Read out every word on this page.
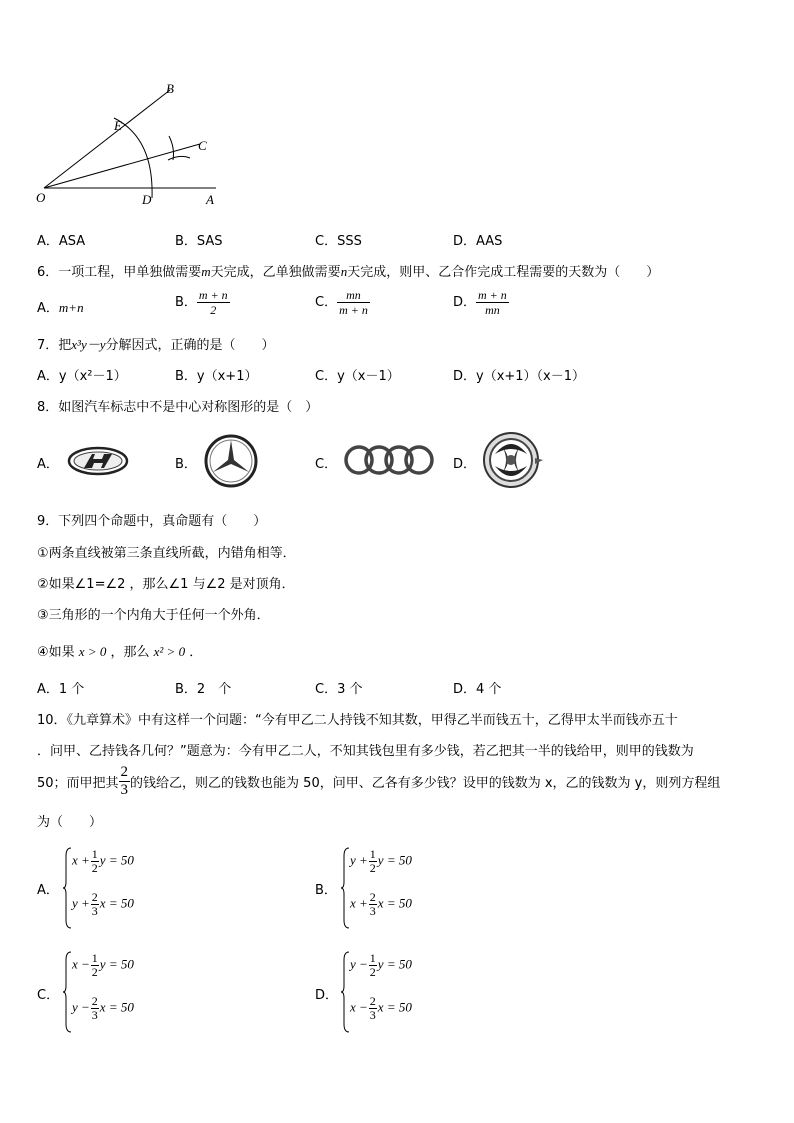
B
E
C
O	D	A
A．ASA	B．SAS	C．SSS	D．AAS
6．一项工程，甲单独做需要m天完成，乙单独做需要n天完成，则甲、乙合作完成工程需要的天数为（　　）
A．m+n	B． $\frac{m + n}{2}$	C． $\frac{mn}{m + n}$	D． $\frac{m + n}{mn}$
7．把x³y－y分解因式，正确的是（　　）
A．y（x²－1）	B．y（x+1）	C．y（x－1）	D．y（x+1）（x－1）
8．如图汽车标志中不是中心对称图形的是（　）
A．	B．	C．	D．
9．下列四个命题中，真命题有（　　）
①两条直线被第三条直线所截，内错角相等．
②如果∠1=∠2 ，那么∠1 与∠2 是对顶角．
③三角形的一个内角大于任何一个外角．
④如果 x > 0 ，那么 x² > 0 ．
A．1 个	B．2　个	C．3 个	D．4 个
10．《九章算术》中有这样一个问题：“今有甲乙二人持钱不知其数，甲得乙半而钱五十，乙得甲太半而钱亦五十
．问甲、乙持钱各几何？”题意为：今有甲乙二人，不知其钱包里有多少钱，若乙把其一半的钱给甲，则甲的钱数为
50；而甲把其 $\frac{2}{3}$ 的钱给乙，则乙的钱数也能为 50，问甲、乙各有多少钱？设甲的钱数为 x，乙的钱数为 y，则列方程组
为（　　）
A．
$x + \frac{1}{2}$ y = 50
$y + \frac{2}{3}$ x = 50
B．
$y + \frac{1}{2}$ y = 50
$x + \frac{2}{3}$ x = 50
C．
$x - \frac{1}{2}$ y = 50
$y - \frac{2}{3}$ x = 50
D．
$y - \frac{1}{2}$ y = 50
$x - \frac{2}{3}$ x = 50
